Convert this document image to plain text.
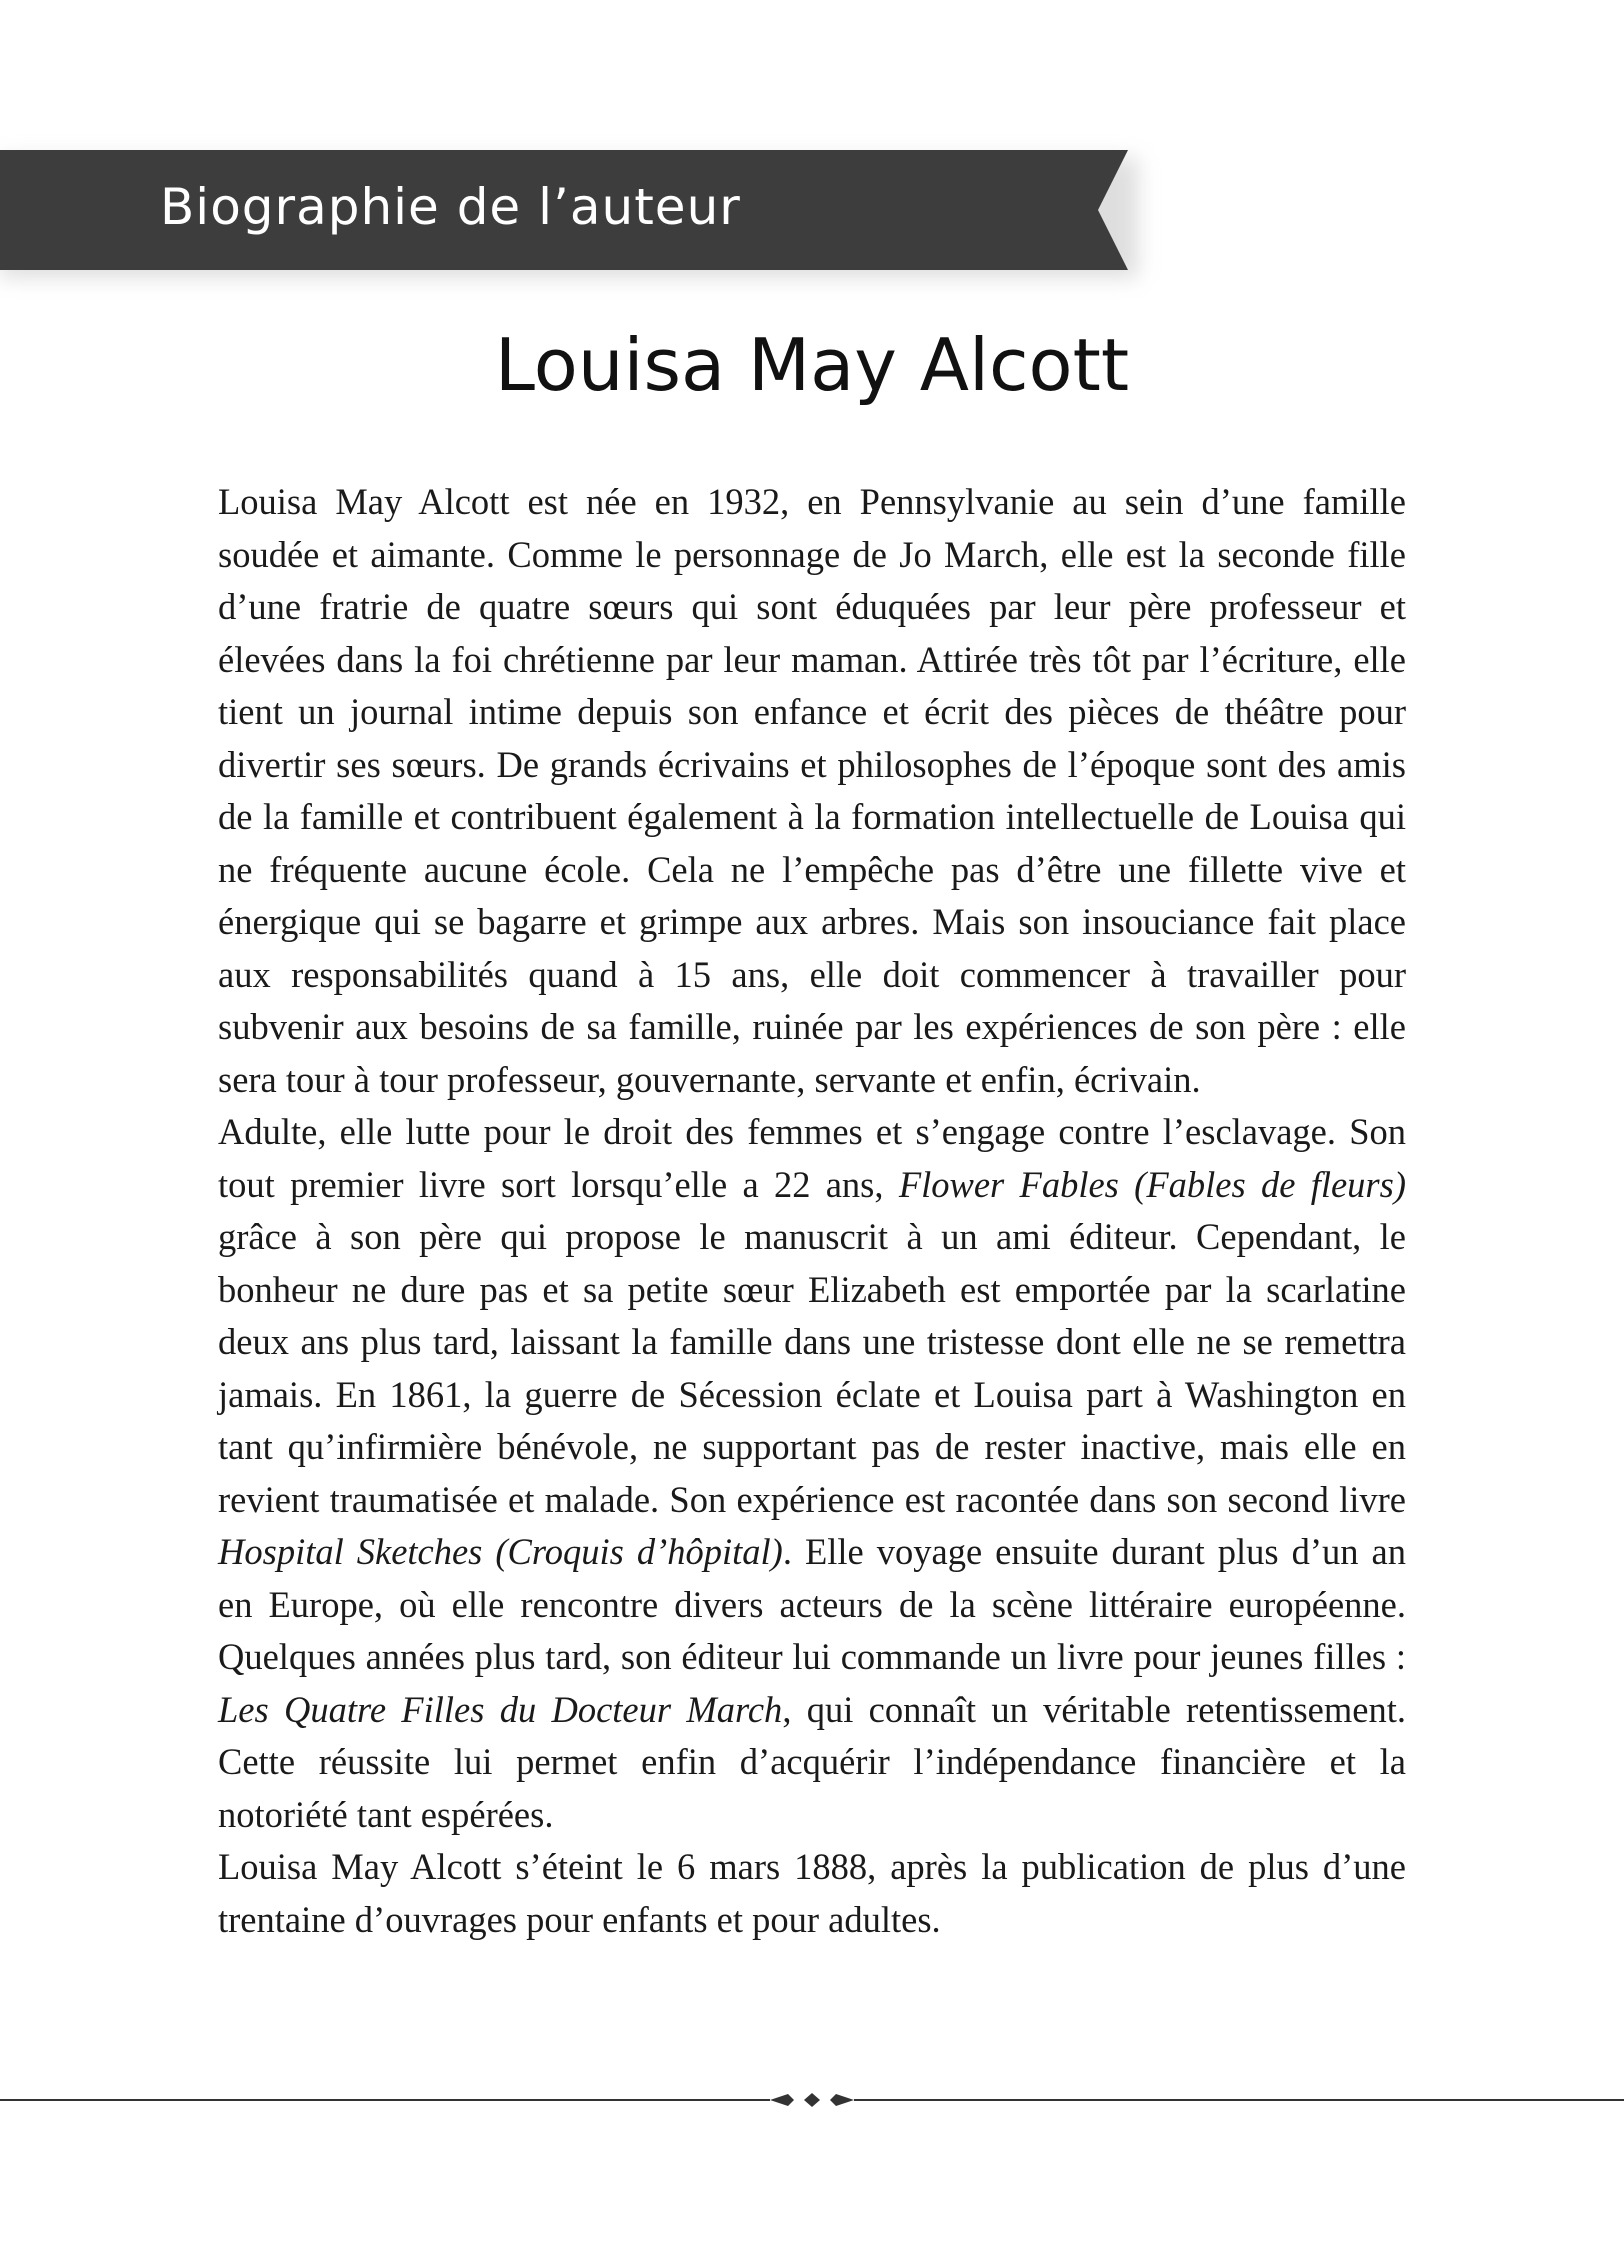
Biographie de l’auteur
Louisa May Alcott

Louisa May Alcott est née en 1932, en Pennsylvanie au sein d’une famille soudée et aimante. Comme le personnage de Jo March, elle est la seconde fille d’une fratrie de quatre sœurs qui sont éduquées par leur père professeur et élevées dans la foi chrétienne par leur maman. Attirée très tôt par l’écriture, elle tient un journal intime depuis son enfance et écrit des pièces de théâtre pour divertir ses sœurs. De grands écrivains et philosophes de l’époque sont des amis de la famille et contribuent également à la formation intellectuelle de Louisa qui ne fréquente aucune école. Cela ne l’empêche pas d’être une fillette vive et énergique qui se bagarre et grimpe aux arbres. Mais son insouciance fait place aux responsabilités quand à 15 ans, elle doit commencer à travailler pour subvenir aux besoins de sa famille, ruinée par les expériences de son père : elle sera tour à tour professeur, gouvernante, servante et enfin, écrivain.

Adulte, elle lutte pour le droit des femmes et s’engage contre l’esclavage. Son tout premier livre sort lorsqu’elle a 22 ans, Flower Fables (Fables de fleurs) grâce à son père qui propose le manuscrit à un ami éditeur. Cependant, le bonheur ne dure pas et sa petite sœur Elizabeth est emportée par la scarlatine deux ans plus tard, laissant la famille dans une tristesse dont elle ne se remettra jamais. En 1861, la guerre de Sécession éclate et Louisa part à Washington en tant qu’infirmière bénévole, ne supportant pas de rester inactive, mais elle en revient traumatisée et malade. Son expérience est racontée dans son second livre Hospital Sketches (Croquis d’hôpital). Elle voyage ensuite durant plus d’un an en Europe, où elle rencontre divers acteurs de la scène littéraire européenne. Quelques années plus tard, son éditeur lui commande un livre pour jeunes filles : Les Quatre Filles du Docteur March, qui connaît un véritable retentissement. Cette réussite lui permet enfin d’acquérir l’indépendance financière et la notoriété tant espérées.

Louisa May Alcott s’éteint le 6 mars 1888, après la publication de plus d’une trentaine d’ouvrages pour enfants et pour adultes.
